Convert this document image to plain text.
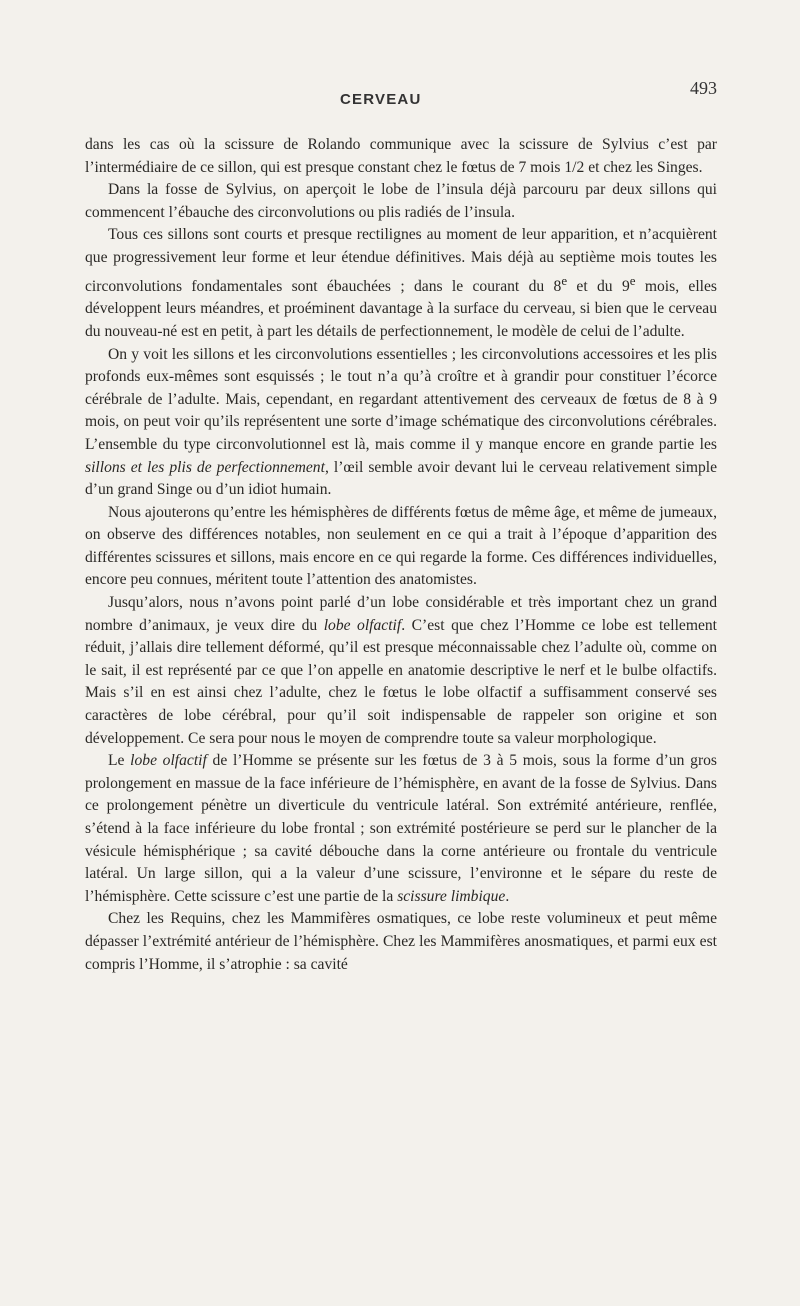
CERVEAU
493

dans les cas où la scissure de Rolando communique avec la scissure de Sylvius c’est par l’intermédiaire de ce sillon, qui est presque constant chez le fœtus de 7 mois 1/2 et chez les Singes.

Dans la fosse de Sylvius, on aperçoit le lobe de l’insula déjà parcouru par deux sillons qui commencent l’ébauche des circonvolutions ou plis radiés de l’insula.

Tous ces sillons sont courts et presque rectilignes au moment de leur apparition, et n’acquièrent que progressivement leur forme et leur étendue définitives. Mais déjà au septième mois toutes les circonvolutions fondamentales sont ébauchées ; dans le courant du 8e et du 9e mois, elles développent leurs méandres, et proéminent davantage à la surface du cerveau, si bien que le cerveau du nouveau-né est en petit, à part les détails de perfectionnement, le modèle de celui de l’adulte.

On y voit les sillons et les circonvolutions essentielles ; les circonvolutions accessoires et les plis profonds eux-mêmes sont esquissés ; le tout n’a qu’à croître et à grandir pour constituer l’écorce cérébrale de l’adulte. Mais, cependant, en regardant attentivement des cerveaux de fœtus de 8 à 9 mois, on peut voir qu’ils représentent une sorte d’image schématique des circonvolutions cérébrales. L’ensemble du type circonvolutionnel est là, mais comme il y manque encore en grande partie les sillons et les plis de perfectionnement, l’œil semble avoir devant lui le cerveau relativement simple d’un grand Singe ou d’un idiot humain.

Nous ajouterons qu’entre les hémisphères de différents fœtus de même âge, et même de jumeaux, on observe des différences notables, non seulement en ce qui a trait à l’époque d’apparition des différentes scissures et sillons, mais encore en ce qui regarde la forme. Ces différences individuelles, encore peu connues, méritent toute l’attention des anatomistes.

Jusqu’alors, nous n’avons point parlé d’un lobe considérable et très important chez un grand nombre d’animaux, je veux dire du lobe olfactif. C’est que chez l’Homme ce lobe est tellement réduit, j’allais dire tellement déformé, qu’il est presque méconnaissable chez l’adulte où, comme on le sait, il est représenté par ce que l’on appelle en anatomie descriptive le nerf et le bulbe olfactifs. Mais s’il en est ainsi chez l’adulte, chez le fœtus le lobe olfactif a suffisamment conservé ses caractères de lobe cérébral, pour qu’il soit indispensable de rappeler son origine et son développement. Ce sera pour nous le moyen de comprendre toute sa valeur morphologique.

Le lobe olfactif de l’Homme se présente sur les fœtus de 3 à 5 mois, sous la forme d’un gros prolongement en massue de la face inférieure de l’hémisphère, en avant de la fosse de Sylvius. Dans ce prolongement pénètre un diverticule du ventricule latéral. Son extrémité antérieure, renflée, s’étend à la face inférieure du lobe frontal ; son extrémité postérieure se perd sur le plancher de la vésicule hémisphérique ; sa cavité débouche dans la corne antérieure ou frontale du ventricule latéral. Un large sillon, qui a la valeur d’une scissure, l’environne et le sépare du reste de l’hémisphère. Cette scissure c’est une partie de la scissure limbique.

Chez les Requins, chez les Mammifères osmatiques, ce lobe reste volumineux et peut même dépasser l’extrémité antérieur de l’hémisphère. Chez les Mammifères anosmatiques, et parmi eux est compris l’Homme, il s’atrophie : sa cavité
